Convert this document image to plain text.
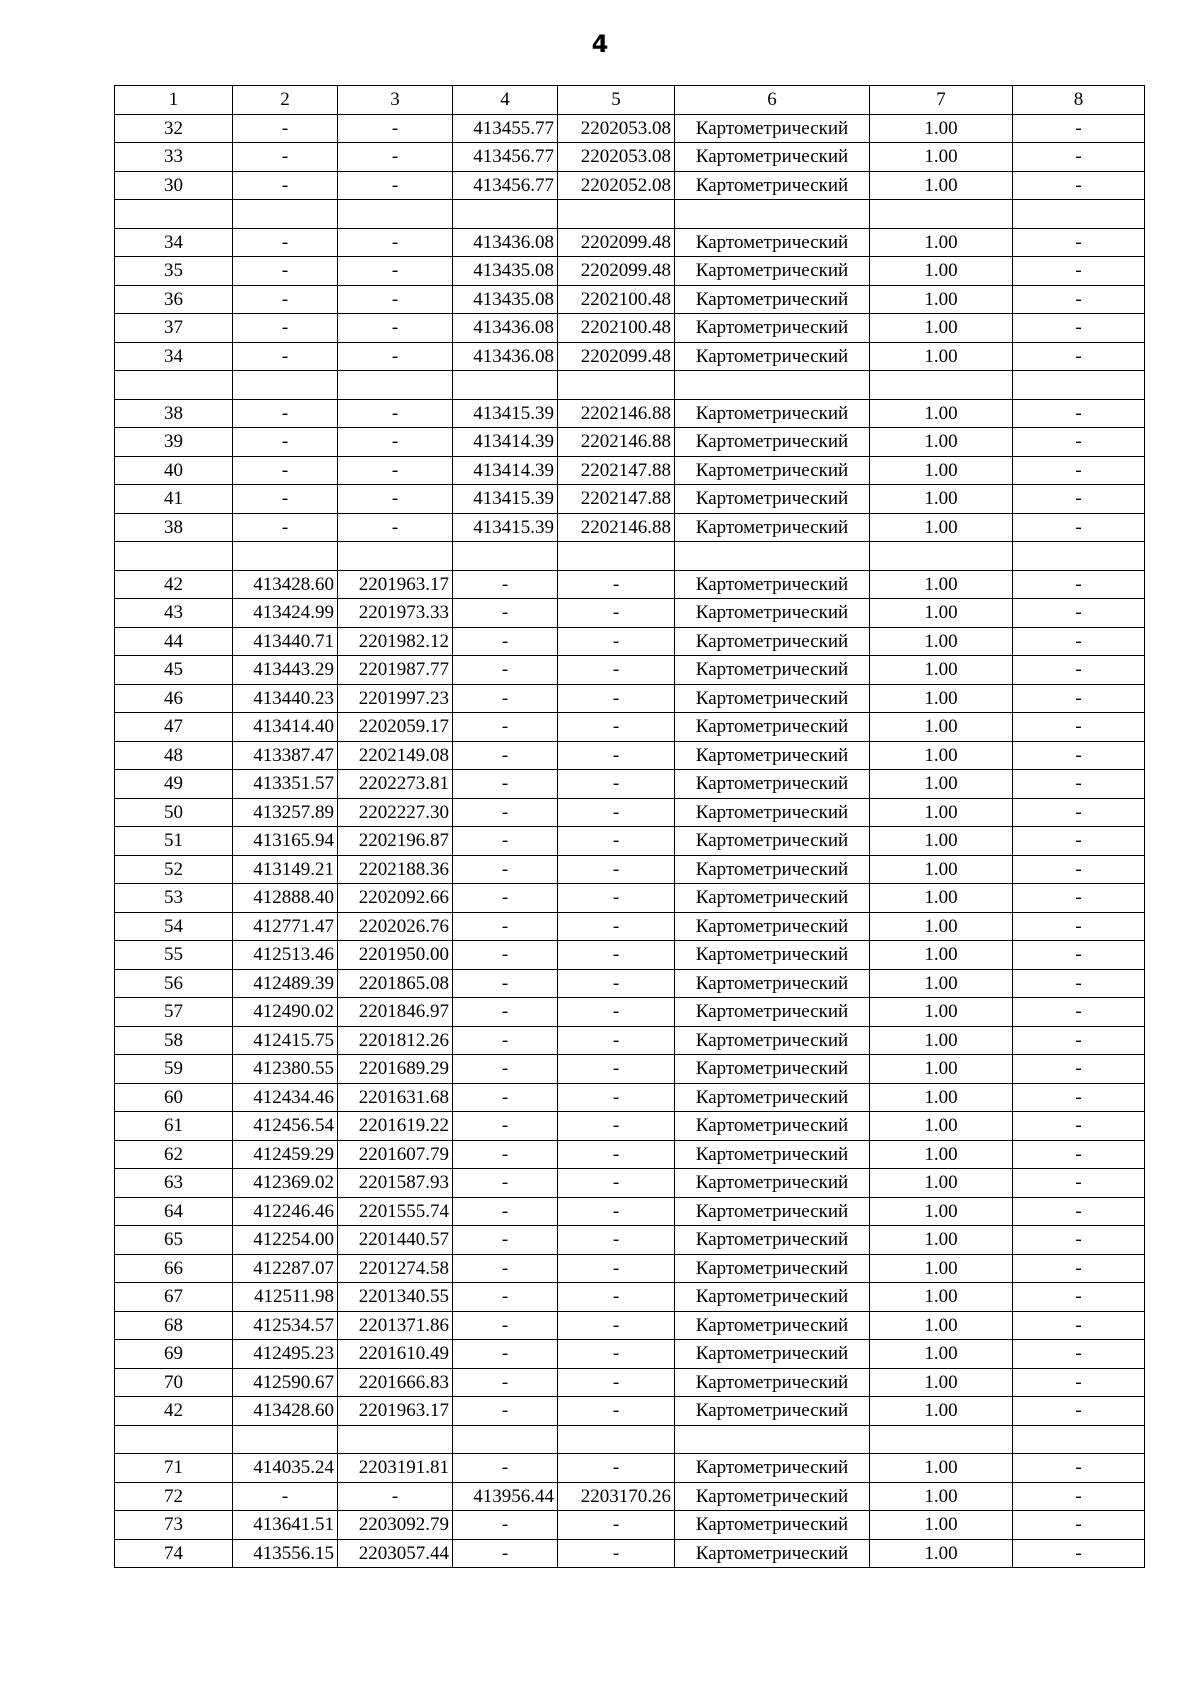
4
1	2	3	4	5	6	7	8
32	-	-	413455.77	2202053.08	Картометрический	1.00	-
33	-	-	413456.77	2202053.08	Картометрический	1.00	-
30	-	-	413456.77	2202052.08	Картометрический	1.00	-

34	-	-	413436.08	2202099.48	Картометрический	1.00	-
35	-	-	413435.08	2202099.48	Картометрический	1.00	-
36	-	-	413435.08	2202100.48	Картометрический	1.00	-
37	-	-	413436.08	2202100.48	Картометрический	1.00	-
34	-	-	413436.08	2202099.48	Картометрический	1.00	-

38	-	-	413415.39	2202146.88	Картометрический	1.00	-
39	-	-	413414.39	2202146.88	Картометрический	1.00	-
40	-	-	413414.39	2202147.88	Картометрический	1.00	-
41	-	-	413415.39	2202147.88	Картометрический	1.00	-
38	-	-	413415.39	2202146.88	Картометрический	1.00	-

42	413428.60	2201963.17	-	-	Картометрический	1.00	-
43	413424.99	2201973.33	-	-	Картометрический	1.00	-
44	413440.71	2201982.12	-	-	Картометрический	1.00	-
45	413443.29	2201987.77	-	-	Картометрический	1.00	-
46	413440.23	2201997.23	-	-	Картометрический	1.00	-
47	413414.40	2202059.17	-	-	Картометрический	1.00	-
48	413387.47	2202149.08	-	-	Картометрический	1.00	-
49	413351.57	2202273.81	-	-	Картометрический	1.00	-
50	413257.89	2202227.30	-	-	Картометрический	1.00	-
51	413165.94	2202196.87	-	-	Картометрический	1.00	-
52	413149.21	2202188.36	-	-	Картометрический	1.00	-
53	412888.40	2202092.66	-	-	Картометрический	1.00	-
54	412771.47	2202026.76	-	-	Картометрический	1.00	-
55	412513.46	2201950.00	-	-	Картометрический	1.00	-
56	412489.39	2201865.08	-	-	Картометрический	1.00	-
57	412490.02	2201846.97	-	-	Картометрический	1.00	-
58	412415.75	2201812.26	-	-	Картометрический	1.00	-
59	412380.55	2201689.29	-	-	Картометрический	1.00	-
60	412434.46	2201631.68	-	-	Картометрический	1.00	-
61	412456.54	2201619.22	-	-	Картометрический	1.00	-
62	412459.29	2201607.79	-	-	Картометрический	1.00	-
63	412369.02	2201587.93	-	-	Картометрический	1.00	-
64	412246.46	2201555.74	-	-	Картометрический	1.00	-
65	412254.00	2201440.57	-	-	Картометрический	1.00	-
66	412287.07	2201274.58	-	-	Картометрический	1.00	-
67	412511.98	2201340.55	-	-	Картометрический	1.00	-
68	412534.57	2201371.86	-	-	Картометрический	1.00	-
69	412495.23	2201610.49	-	-	Картометрический	1.00	-
70	412590.67	2201666.83	-	-	Картометрический	1.00	-
42	413428.60	2201963.17	-	-	Картометрический	1.00	-

71	414035.24	2203191.81	-	-	Картометрический	1.00	-
72	-	-	413956.44	2203170.26	Картометрический	1.00	-
73	413641.51	2203092.79	-	-	Картометрический	1.00	-
74	413556.15	2203057.44	-	-	Картометрический	1.00	-
